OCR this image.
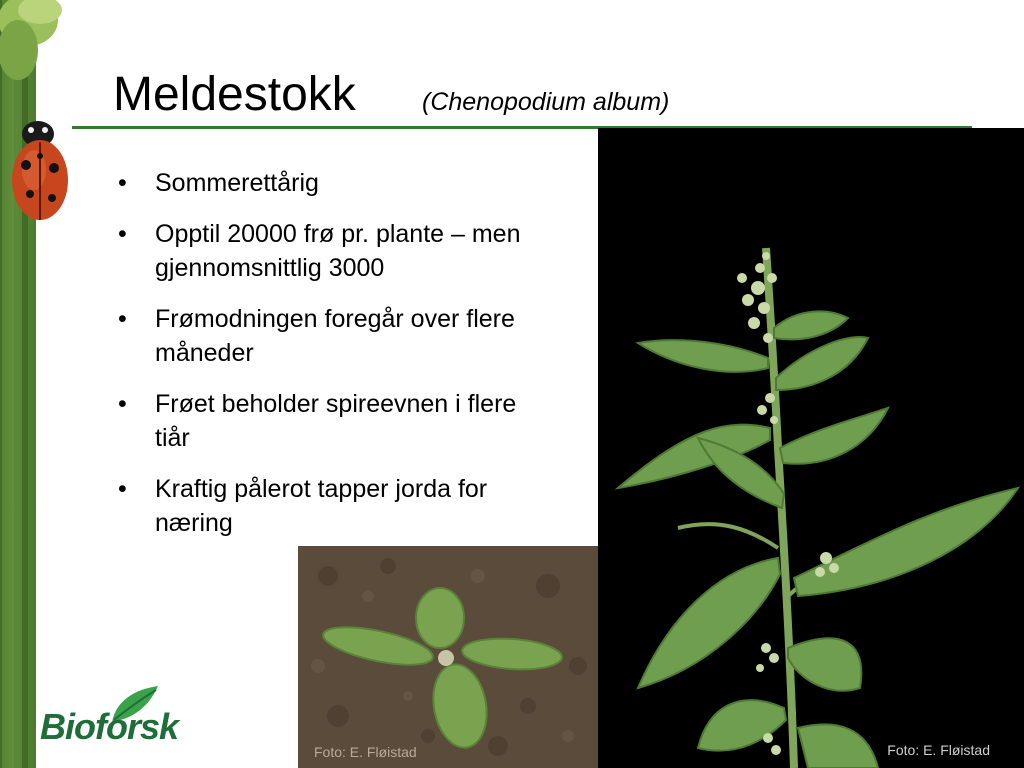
Meldestokk	(Chenopodium album)
• Sommerettårig
• Opptil 20000 frø pr. plante – men gjennomsnittlig 3000
• Frømodningen foregår over flere måneder
• Frøet beholder spireevnen i flere tiår
• Kraftig pålerot tapper jorda for næring
Foto: E. Fløistad
Foto: E. Fløistad
Bioforsk
